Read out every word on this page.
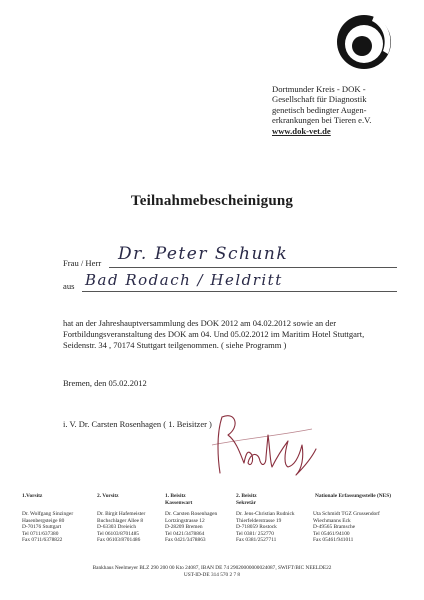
Dortmunder Kreis - DOK -
Gesellschaft für Diagnostik
genetisch bedingter Augen-
erkrankungen bei Tieren e.V.
www.dok-vet.de
Teilnahmebescheinigung
Frau / Herr Dr. Peter Schunk
aus Bad Rodach / Heldritt
hat an der Jahreshauptversammlung des DOK 2012 am 04.02.2012 sowie an der
Fortbildungsveranstaltung des DOK am 04. Und 05.02.2012 im Maritim Hotel Stuttgart,
Seidenstr. 34 , 70174 Stuttgart teilgenommen. ( siehe Programm )
Bremen, den 05.02.2012
i. V. Dr. Carsten Rosenhagen ( 1. Beisitzer )
1.Vorsitz
Dr. Wolfgang Sinzinger
Hasenbergsteige 80
D-70176 Stuttgart
Tel 0711/637380
Fax 0711/6378822
2. Vorsitz
Dr. Birgit Hafemeister
Buchschlager Allee 8
D-63303 Dreieich
Tel 06103/8701485
Fax 06103/8701486
1. Beisitz Kassenwart
Dr. Carsten Rosenhagen
Lortzingstrasse 12
D-28209 Bremen
Tel 0421/3478864
Fax 0421/3478863
2. Beisitz Sekretär
Dr. Jens-Christian Rudnick
Thierfelderstrasse 19
D-718059 Rostock
Tel 0381/ 252770
Fax 0381/2527711
Nationale Erfassungsstelle (NES)
Uta Schmidt TGZ Grussendorf
Wiechmanns Eck
D-49565 Bramsche
Tel 05461/94100
Fax 05461/941011
Bankhaus Neelmeyer BLZ 290 200 00 Kto 24087, IBAN DE 74 29020000000024087, SWIFT/BIC NEELDE22
UST-ID-DE 314 570 2 7 8
